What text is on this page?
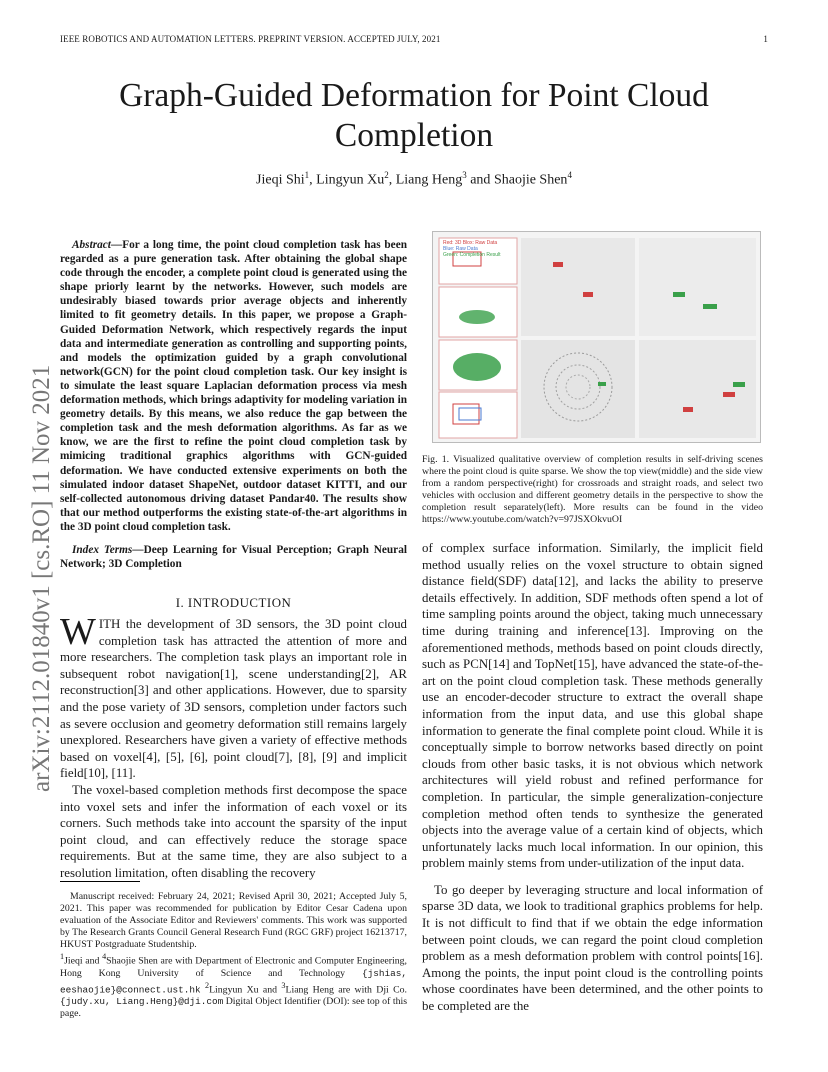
IEEE ROBOTICS AND AUTOMATION LETTERS. PREPRINT VERSION. ACCEPTED JULY, 2021	1
arXiv:2112.01840v1 [cs.RO] 11 Nov 2021
Graph-Guided Deformation for Point Cloud Completion
Jieqi Shi$^1$, Lingyun Xu$^2$, Liang Heng$^3$ and Shaojie Shen$^4$
Abstract—For a long time, the point cloud completion task has been regarded as a pure generation task. After obtaining the global shape code through the encoder, a complete point cloud is generated using the shape priorly learnt by the networks. However, such models are undesirably biased towards prior average objects and inherently limited to fit geometry details. In this paper, we propose a Graph-Guided Deformation Network, which respectively regards the input data and intermediate generation as controlling and supporting points, and models the optimization guided by a graph convolutional network(GCN) for the point cloud completion task. Our key insight is to simulate the least square Laplacian deformation process via mesh deformation methods, which brings adaptivity for modeling variation in geometry details. By this means, we also reduce the gap between the completion task and the mesh deformation algorithms. As far as we know, we are the first to refine the point cloud completion task by mimicing traditional graphics algorithms with GCN-guided deformation. We have conducted extensive experiments on both the simulated indoor dataset ShapeNet, outdoor dataset KITTI, and our self-collected autonomous driving dataset Pandar40. The results show that our method outperforms the existing state-of-the-art algorithms in the 3D point cloud completion task.
Index Terms—Deep Learning for Visual Perception; Graph Neural Network; 3D Completion
I. INTRODUCTION

WITH the development of 3D sensors, the 3D point cloud completion task has attracted the attention of more and more researchers. The completion task plays an important role in subsequent robot navigation[1], scene understanding[2], AR reconstruction[3] and other applications. However, due to sparsity and the pose variety of 3D sensors, completion under factors such as severe occlusion and geometry deformation still remains largely unexplored. Researchers have given a variety of effective methods based on voxel[4], [5], [6], point cloud[7], [8], [9] and implicit field[10], [11].

The voxel-based completion methods first decompose the space into voxel sets and infer the information of each voxel or its corners. Such methods take into account the sparsity of the input point cloud, and can effectively reduce the storage space requirements. But at the same time, they are also subject to a resolution limitation, often disabling the recovery

Manuscript received: February 24, 2021; Revised April 30, 2021; Accepted July 5, 2021. This paper was recommended for publication by Editor Cesar Cadena upon evaluation of the Associate Editor and Reviewers' comments. This work was supported by The Research Grants Council General Research Fund (RGC GRF) project 16213717, HKUST Postgraduate Studentship.
$^1$Jieqi and $^4$Shaojie Shen are with Department of Electronic and Computer Engineering, Hong Kong University of Science and Technology {jshias, eeshaojie}@connect.ust.hk $^2$Lingyun Xu and $^3$Liang Heng are with Dji Co. {judy.xu, Liang.Heng}@dji.com Digital Object Identifier (DOI): see top of this page.
Red: 3D Blox: Raw Data
Blue: Raw Data
Green: Completion Result
Fig. 1. Visualized qualitative overview of completion results in self-driving scenes where the point cloud is quite sparse. We show the top view(middle) and the side view from a random perspective(right) for crossroads and straight roads, and select two vehicles with occlusion and different geometry details in the perspective to show the completion result separately(left). More results can be found in the video https://www.youtube.com/watch?v=97JSXOkvuOI

of complex surface information. Similarly, the implicit field method usually relies on the voxel structure to obtain signed distance field(SDF) data[12], and lacks the ability to preserve details effectively. In addition, SDF methods often spend a lot of time sampling points around the object, taking much unnecessary time during training and inference[13]. Improving on the aforementioned methods, methods based on point clouds directly, such as PCN[14] and TopNet[15], have advanced the state-of-the-art on the point cloud completion task. These methods generally use an encoder-decoder structure to extract the overall shape information from the input data, and use this global shape information to generate the final complete point cloud. While it is conceptually simple to borrow networks based directly on point clouds from other basic tasks, it is not obvious which network architectures will yield robust and refined performance for completion. In particular, the simple generalization-conjecture completion method often tends to synthesize the generated objects into the average value of a certain kind of objects, which unfortunately lacks much local information. In our opinion, this problem mainly stems from under-utilization of the input data.

To go deeper by leveraging structure and local information of sparse 3D data, we look to traditional graphics problems for help. It is not difficult to find that if we obtain the edge information between point clouds, we can regard the point cloud completion problem as a mesh deformation problem with control points[16]. Among the points, the input point cloud is the controlling points whose coordinates have been determined, and the other points to be completed are the
